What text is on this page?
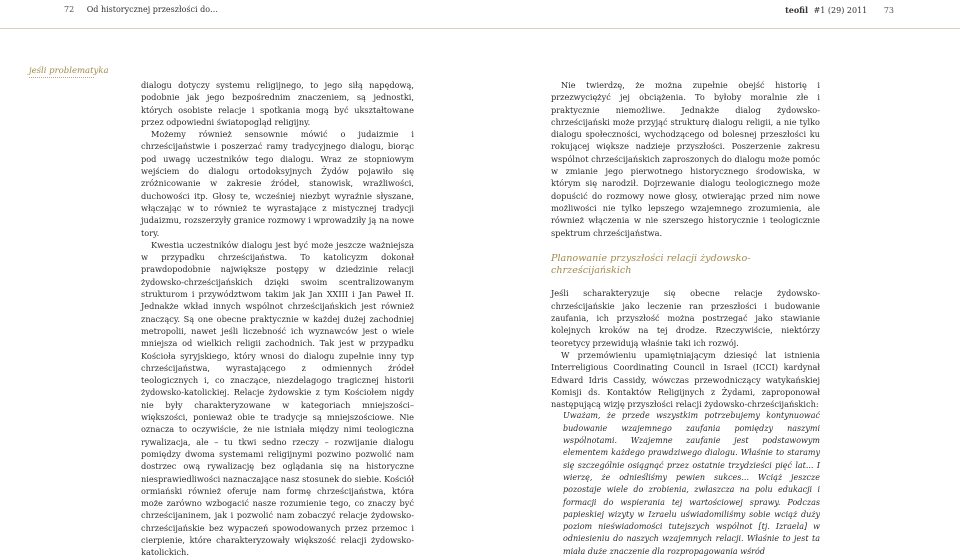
72 Od historycznej przeszłości do…	teofil #1 (29) 2011 73
jeśli problematyka

dialogu dotyczy systemu religijnego, to jego siłą napędową, podobnie jak jego bezpośrednim znaczeniem, są jednostki, których osobiste relacje i spotkania mogą być ukształtowane przez odpowiedni światopogląd religijny.

Możemy również sensownie mówić o judaizmie i chrześcijaństwie i poszerzać ramy tradycyjnego dialogu, biorąc pod uwagę uczestników tego dialogu. Wraz ze stopniowym wejściem do dialogu ortodoksyjnych Żydów pojawiło się zróżnicowanie w zakresie źródeł, stanowisk, wrażliwości, duchowości itp. Głosy te, wcześniej niezbyt wyraźnie słyszane, włączając w to również te wyrastające z mistycznej tradycji judaizmu, rozszerzyły granice rozmowy i wprowadziły ją na nowe tory.

Kwestia uczestników dialogu jest być może jeszcze ważniejsza w przypadku chrześcijaństwa. To katolicyzm dokonał prawdopodobnie największe postępy w dziedzinie relacji żydowsko-chrześcijańskich dzięki swoim scentralizowanym strukturom i przywództwom takim jak Jan XXIII i Jan Paweł II. Jednakże wkład innych wspólnot chrześcijańskich jest również znaczący. Są one obecne praktycznie w każdej dużej zachodniej metropolii, nawet jeśli liczebność ich wyznawców jest o wiele mniejsza od wielkich religii zachodnich. Tak jest w przypadku Kościoła syryjskiego, który wnosi do dialogu zupełnie inny typ chrześcijaństwa, wyrastającego z odmiennych źródeł teologicznych i, co znaczące, niezdelagogo tragicznej historii żydowsko-katolickiej. Relacje żydowskie z tym Kościołem nigdy nie były charakteryzowane w kategoriach mniejszości–większości, ponieważ obie te tradycje są mniejszościowe. Nie oznacza to oczywiście, że nie istniała między nimi teologiczna rywalizacja, ale – tu tkwi sedno rzeczy – rozwijanie dialogu pomiędzy dwoma systemami religijnymi pozwino pozwolić nam dostrzec ową rywalizację bez oglądania się na historyczne niesprawiedliwości naznaczające nasz stosunek do siebie. Kościół ormiański również oferuje nam formę chrześcijaństwa, która może zarówno wzbogacić nasze rozumienie tego, co znaczy być chrześcijaninem, jak i pozwolić nam zobaczyć relacje żydowsko-chrześcijańskie bez wypaczeń spowodowanych przez przemoc i cierpienie, które charakteryzowały większość relacji żydowsko-katolickich.

Nie twierdzę, że można zupełnie obejść historię i przezwyciężyć jej obciążenia. To byłoby moralnie złe i praktycznie niemożliwe. Jednakże dialog żydowsko-chrześcijański może przyjąć strukturę dialogu religii, a nie tylko dialogu społeczności, wychodzącego od bolesnej przeszłości ku rokującej większe nadzieje przyszłości. Poszerzenie zakresu wspólnot chrześcijańskich zaproszonych do dialogu może pomóc w zmianie jego pierwotnego historycznego środowiska, w którym się narodził. Dojrzewanie dialogu teologicznego może dopuścić do rozmowy nowe głosy, otwierając przed nim nowe możliwości nie tylko lepszego wzajemnego zrozumienia, ale również włączenia w nie szerszego historycznie i teologicznie spektrum chrześcijaństwa.

Planowanie przyszłości relacji żydowsko-chrześcijańskich

Jeśli scharakteryzuje się obecne relacje żydowsko-chrześcijańskie jako leczenie ran przeszłości i budowanie zaufania, ich przyszłość można postrzegać jako stawianie kolejnych kroków na tej drodze. Rzeczywiście, niektórzy teoretycy przewidują właśnie taki ich rozwój.

W przemówieniu upamiętniającym dziesięć lat istnienia Interreligious Coordinating Council in Israel (ICCI) kardynał Edward Idris Cassidy, wówczas przewodniczący watykańskiej Komisji ds. Kontaktów Religijnych z Żydami, zaproponował następującą wizję przyszłości relacji żydowsko-chrześcijańskich:

Uważam, że przede wszystkim potrzebujemy kontynuować budowanie wzajemnego zaufania pomiędzy naszymi wspólnotami. Wzajemne zaufanie jest podstawowym elementem każdego prawdziwego dialogu. Właśnie to staramy się szczególnie osiągnąć przez ostatnie trzydzieści pięć lat... I wierzę, że odnieśliśmy pewien sukces... Wciąż jeszcze pozostaje wiele do zrobienia, zwłaszcza na polu edukacji i formacji do wspierania tej wartościowej sprawy. Podczas papieskiej wizyty w Izraelu uświadomiliśmy sobie wciąż duży poziom nieświadomości tutejszych wspólnot [tj. Izraela] w odniesieniu do naszych wzajemnych relacji. Właśnie to jest ta miała duże znaczenie dla rozpropagowania wśród
